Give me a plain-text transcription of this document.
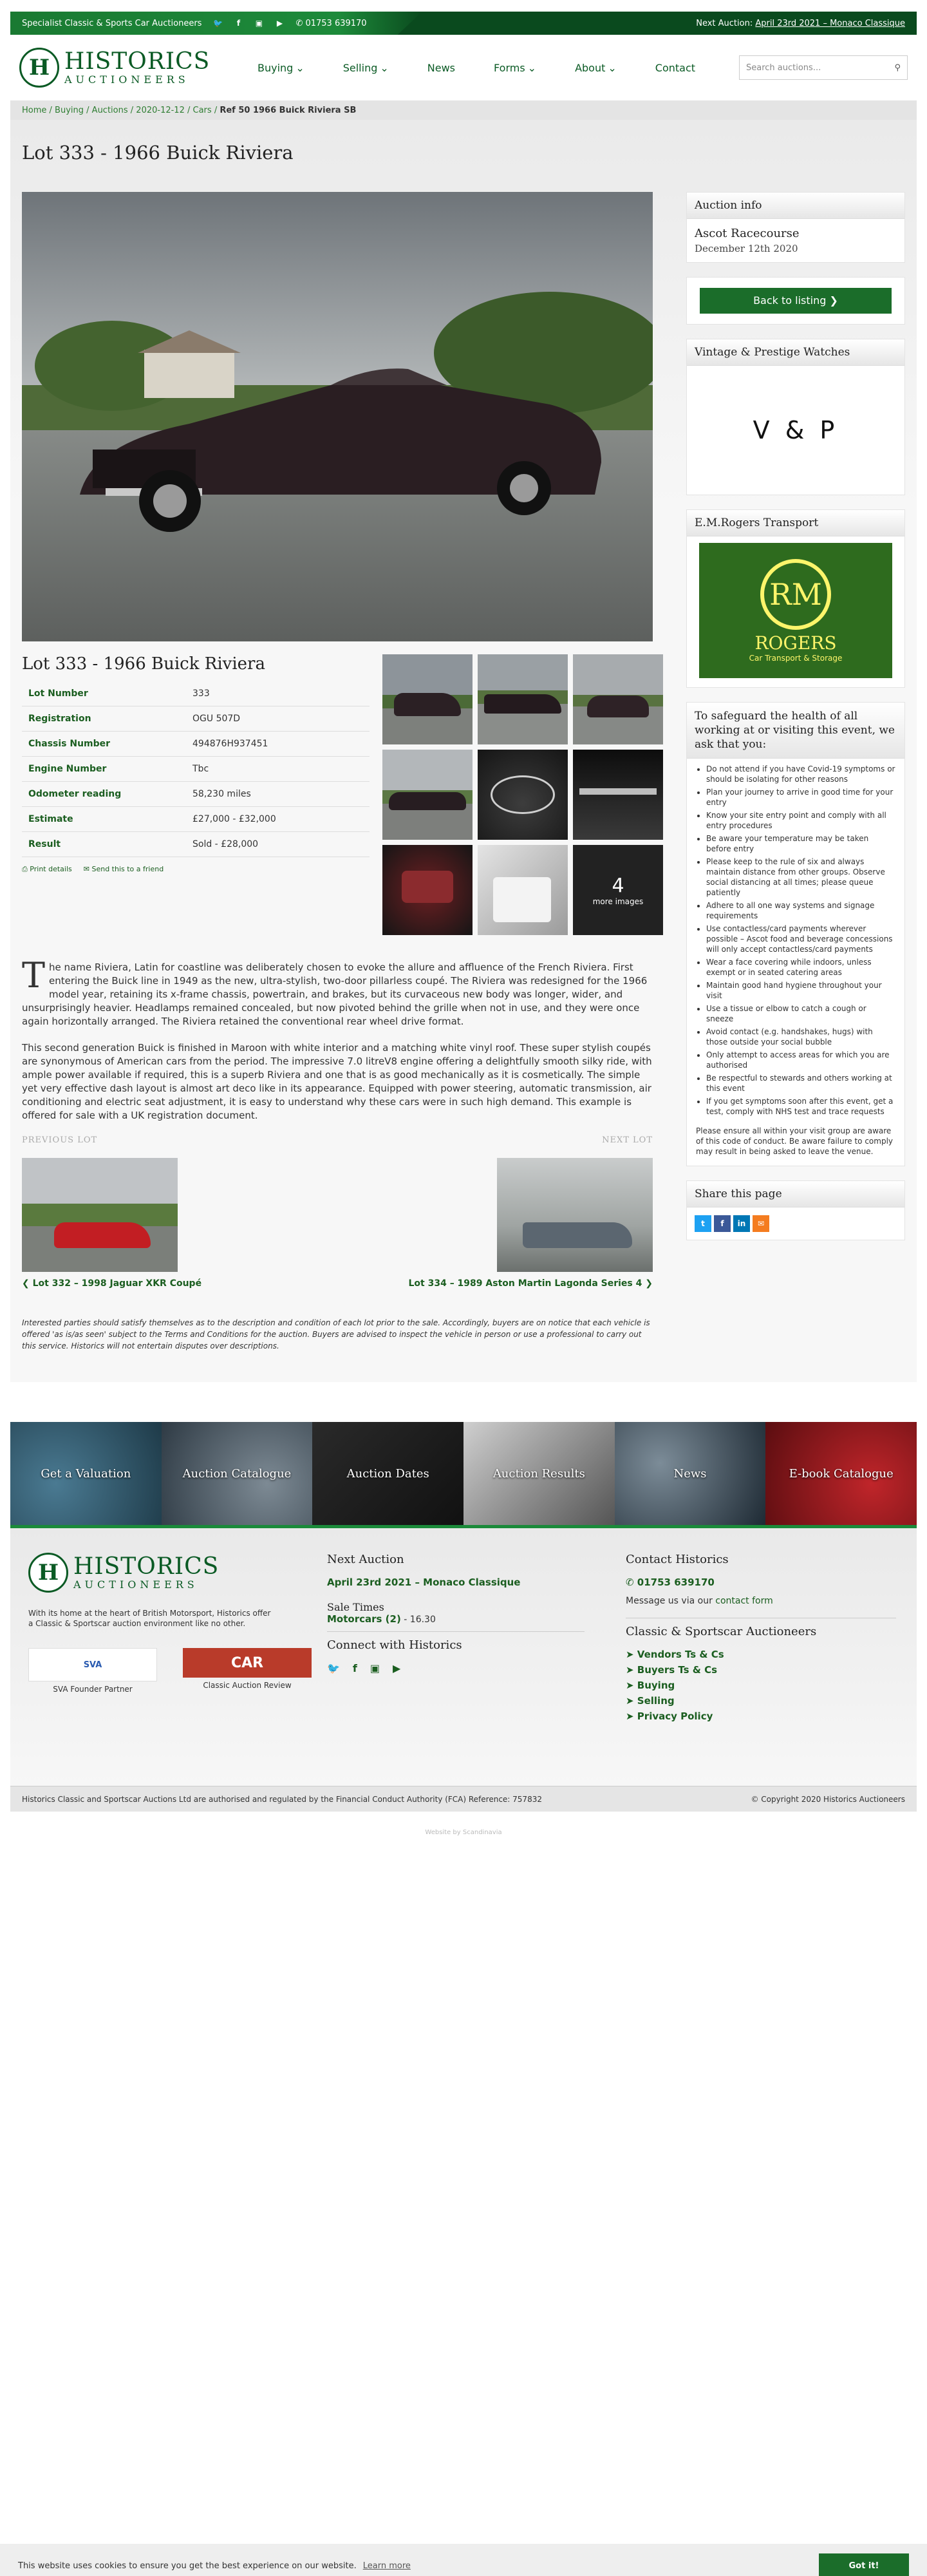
Specialist Classic & Sports Car Auctioneers 🐦 f ▣ ▶ ✆ 01753 639170	Next Auction: April 23rd 2021 – Monaco Classique
H HISTORICS
AUCTIONEERS
Buying ⌄	Selling ⌄	News	Forms ⌄	About ⌄	Contact	Search auctions...	⚲
Home / Buying / Auctions / 2020-12-12 / Cars / Ref 50 1966 Buick Riviera SB
Lot 333 - 1966 Buick Riviera
Lot 333 - 1966 Buick Riviera
Lot Number	333
Registration	OGU 507D
Chassis Number	494876H937451
Engine Number	Tbc
Odometer reading	58,230 miles
Estimate	£27,000 - £32,000
Result	Sold - £28,000
⎙ Print details ✉ Send this to a friend
4
more images

The name Riviera, Latin for coastline was deliberately chosen to evoke the allure and affluence of the French Riviera. First entering the Buick line in 1949 as the new, ultra-stylish, two-door pillarless coupé. The Riviera was redesigned for the 1966 model year, retaining its x-frame chassis, powertrain, and brakes, but its curvaceous new body was longer, wider, and unsurprisingly heavier. Headlamps remained concealed, but now pivoted behind the grille when not in use, and they were once again horizontally arranged. The Riviera retained the conventional rear wheel drive format.

This second generation Buick is finished in Maroon with white interior and a matching white vinyl roof. These super stylish coupés are synonymous of American cars from the period. The impressive 7.0 litreV8 engine offering a delightfully smooth silky ride, with ample power available if required, this is a superb Riviera and one that is as good mechanically as it is cosmetically. The simple yet very effective dash layout is almost art deco like in its appearance. Equipped with power steering, automatic transmission, air conditioning and electric seat adjustment, it is easy to understand why these cars were in such high demand. This example is offered for sale with a UK registration document.

PREVIOUS LOT	NEXT LOT
❮ Lot 332 – 1998 Jaguar XKR Coupé	Lot 334 – 1989 Aston Martin Lagonda Series 4 ❯

Interested parties should satisfy themselves as to the description and condition of each lot prior to the sale. Accordingly, buyers are on notice that each vehicle is offered 'as is/as seen' subject to the Terms and Conditions for the auction. Buyers are advised to inspect the vehicle in person or use a professional to carry out this service. Historics will not entertain disputes over descriptions.

Auction info
Ascot Racecourse
December 12th 2020
Back to listing ❯
Vintage & Prestige Watches
V & P
E.M.Rogers Transport
RM
ROGERS
Car Transport & Storage
To safeguard the health of all working at or visiting this event, we ask that you:
• Do not attend if you have Covid-19 symptoms or should be isolating for other reasons
• Plan your journey to arrive in good time for your entry
• Know your site entry point and comply with all entry procedures
• Be aware your temperature may be taken before entry
• Please keep to the rule of six and always maintain distance from other groups. Observe social distancing at all times; please queue patiently
• Adhere to all one way systems and signage requirements
• Use contactless/card payments wherever possible – Ascot food and beverage concessions will only accept contactless/card payments
• Wear a face covering while indoors, unless exempt or in seated catering areas
• Maintain good hand hygiene throughout your visit
• Use a tissue or elbow to catch a cough or sneeze
• Avoid contact (e.g. handshakes, hugs) with those outside your social bubble
• Only attempt to access areas for which you are authorised
• Be respectful to stewards and others working at this event
• If you get symptoms soon after this event, get a test, comply with NHS test and trace requests

Please ensure all within your visit group are aware of this code of conduct. Be aware failure to comply may result in being asked to leave the venue.

Share this page
t	f	in	✉
Get a Valuation	Auction Catalogue	Auction Dates	Auction Results	News	E-book Catalogue
H HISTORICS
AUCTIONEERS

With its home at the heart of British Motorsport, Historics offer a Classic & Sportscar auction environment like no other.

SVA
SVA Founder Partner
CAR
Classic Auction Review
Next Auction
April 23rd 2021 – Monaco Classique
Sale Times
Motorcars (2) - 16.30
Connect with Historics
🐦 f ▣ ▶
Contact Historics
✆ 01753 639170
Message us via our contact form
Classic & Sportscar Auctioneers
➤ Vendors Ts & Cs
➤ Buyers Ts & Cs
➤ Buying
➤ Selling
➤ Privacy Policy
Historics Classic and Sportscar Auctions Ltd are authorised and regulated by the Financial Conduct Authority (FCA) Reference: 757832	© Copyright 2020 Historics Auctioneers
Website by Scandinavia
This website uses cookies to ensure you get the best experience on our website. Learn more	Got it!
